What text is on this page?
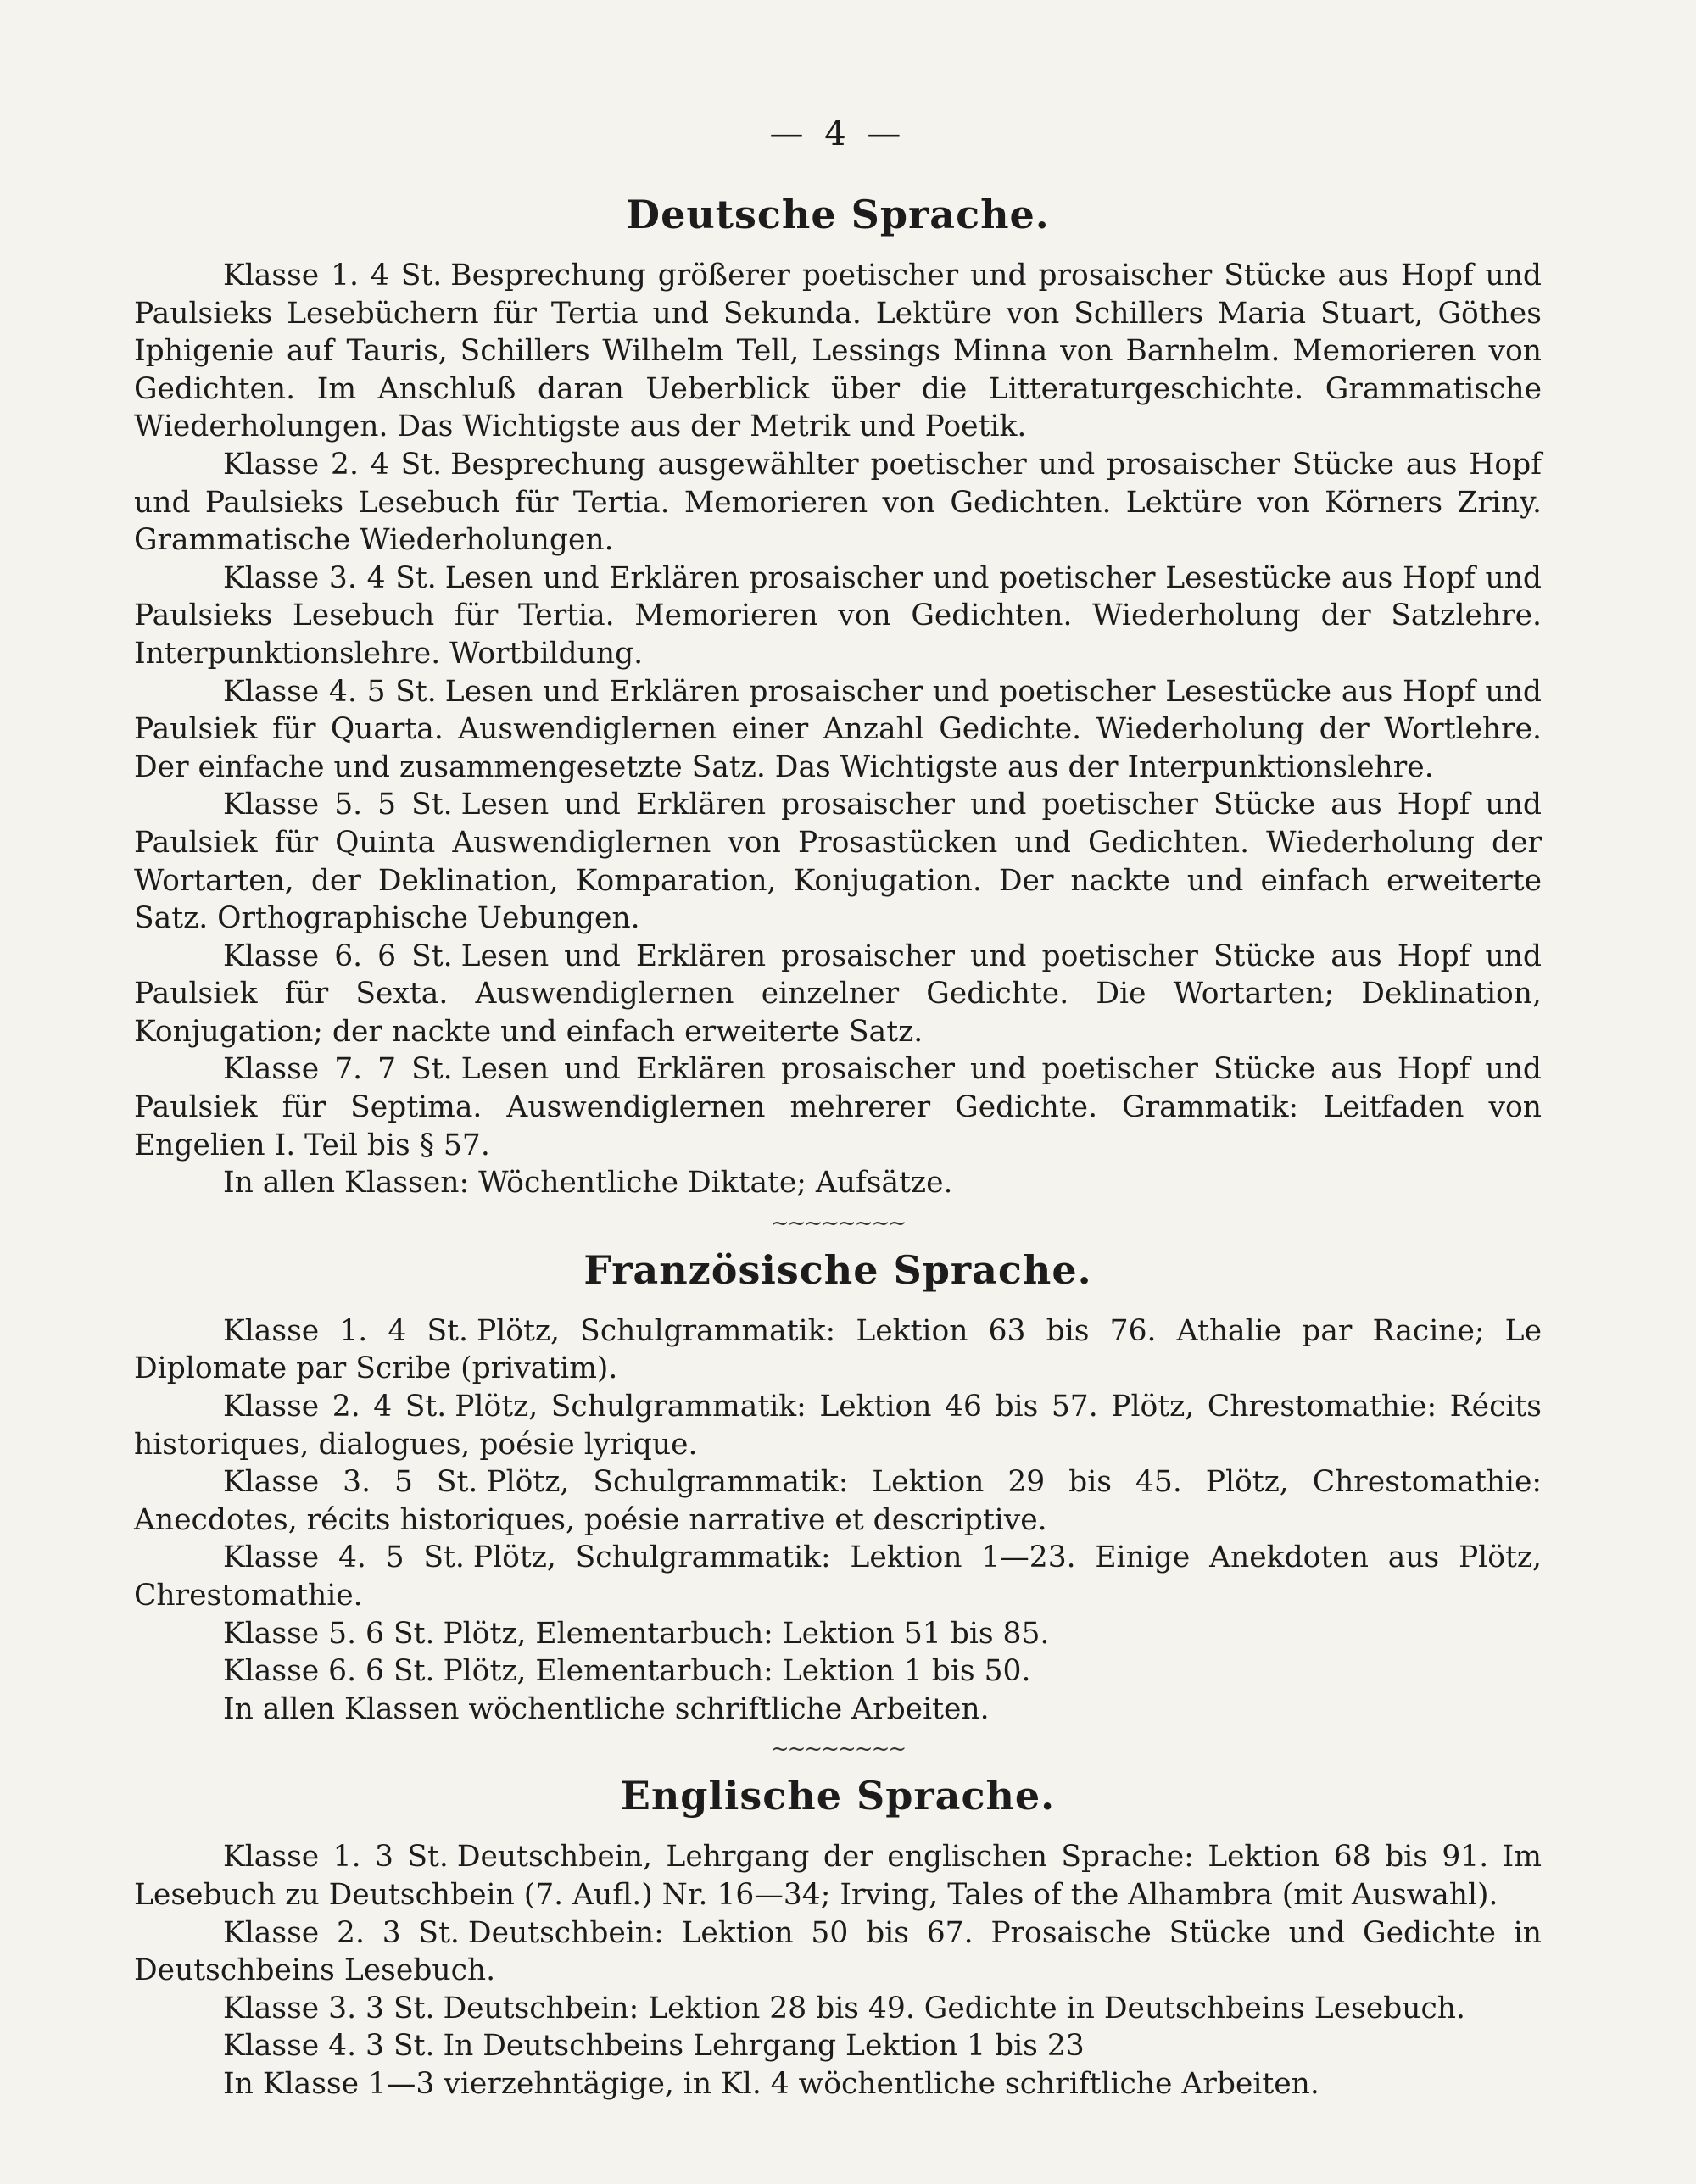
— 4 —
Deutsche Sprache.

Klasse 1. 4 St. Besprechung größerer poetischer und prosaischer Stücke aus Hopf und Paulsieks Lesebüchern für Tertia und Sekunda. Lektüre von Schillers Maria Stuart, Göthes Iphigenie auf Tauris, Schillers Wilhelm Tell, Lessings Minna von Barnhelm. Memorieren von Gedichten. Im Anschluß daran Ueberblick über die Litteraturgeschichte. Grammatische Wiederholungen. Das Wichtigste aus der Metrik und Poetik.

Klasse 2. 4 St. Besprechung ausgewählter poetischer und prosaischer Stücke aus Hopf und Paulsieks Lesebuch für Tertia. Memorieren von Gedichten. Lektüre von Körners Zriny. Grammatische Wiederholungen.

Klasse 3. 4 St. Lesen und Erklären prosaischer und poetischer Lesestücke aus Hopf und Paulsieks Lesebuch für Tertia. Memorieren von Gedichten. Wiederholung der Satzlehre. Interpunktionslehre. Wortbildung.

Klasse 4. 5 St. Lesen und Erklären prosaischer und poetischer Lesestücke aus Hopf und Paulsiek für Quarta. Auswendiglernen einer Anzahl Gedichte. Wiederholung der Wortlehre. Der einfache und zusammengesetzte Satz. Das Wichtigste aus der Interpunktionslehre.

Klasse 5. 5 St. Lesen und Erklären prosaischer und poetischer Stücke aus Hopf und Paulsiek für Quinta Auswendiglernen von Prosastücken und Gedichten. Wiederholung der Wortarten, der Deklination, Komparation, Konjugation. Der nackte und einfach erweiterte Satz. Orthographische Uebungen.

Klasse 6. 6 St. Lesen und Erklären prosaischer und poetischer Stücke aus Hopf und Paulsiek für Sexta. Auswendiglernen einzelner Gedichte. Die Wortarten; Deklination, Konjugation; der nackte und einfach erweiterte Satz.

Klasse 7. 7 St. Lesen und Erklären prosaischer und poetischer Stücke aus Hopf und Paulsiek für Septima. Auswendiglernen mehrerer Gedichte. Grammatik: Leitfaden von Engelien I. Teil bis § 57.

In allen Klassen: Wöchentliche Diktate; Aufsätze.

~~~~~~~~
Französische Sprache.

Klasse 1. 4 St. Plötz, Schulgrammatik: Lektion 63 bis 76. Athalie par Racine; Le Diplomate par Scribe (privatim).

Klasse 2. 4 St. Plötz, Schulgrammatik: Lektion 46 bis 57. Plötz, Chrestomathie: Récits historiques, dialogues, poésie lyrique.

Klasse 3. 5 St. Plötz, Schulgrammatik: Lektion 29 bis 45. Plötz, Chrestomathie: Anecdotes, récits historiques, poésie narrative et descriptive.

Klasse 4. 5 St. Plötz, Schulgrammatik: Lektion 1—23. Einige Anekdoten aus Plötz, Chrestomathie.

Klasse 5. 6 St. Plötz, Elementarbuch: Lektion 51 bis 85.

Klasse 6. 6 St. Plötz, Elementarbuch: Lektion 1 bis 50.

In allen Klassen wöchentliche schriftliche Arbeiten.

~~~~~~~~
Englische Sprache.

Klasse 1. 3 St. Deutschbein, Lehrgang der englischen Sprache: Lektion 68 bis 91. Im Lesebuch zu Deutschbein (7. Aufl.) Nr. 16—34; Irving, Tales of the Alhambra (mit Auswahl).

Klasse 2. 3 St. Deutschbein: Lektion 50 bis 67. Prosaische Stücke und Gedichte in Deutschbeins Lesebuch.

Klasse 3. 3 St. Deutschbein: Lektion 28 bis 49. Gedichte in Deutschbeins Lesebuch.

Klasse 4. 3 St. In Deutschbeins Lehrgang Lektion 1 bis 23

In Klasse 1—3 vierzehntägige, in Kl. 4 wöchentliche schriftliche Arbeiten.
